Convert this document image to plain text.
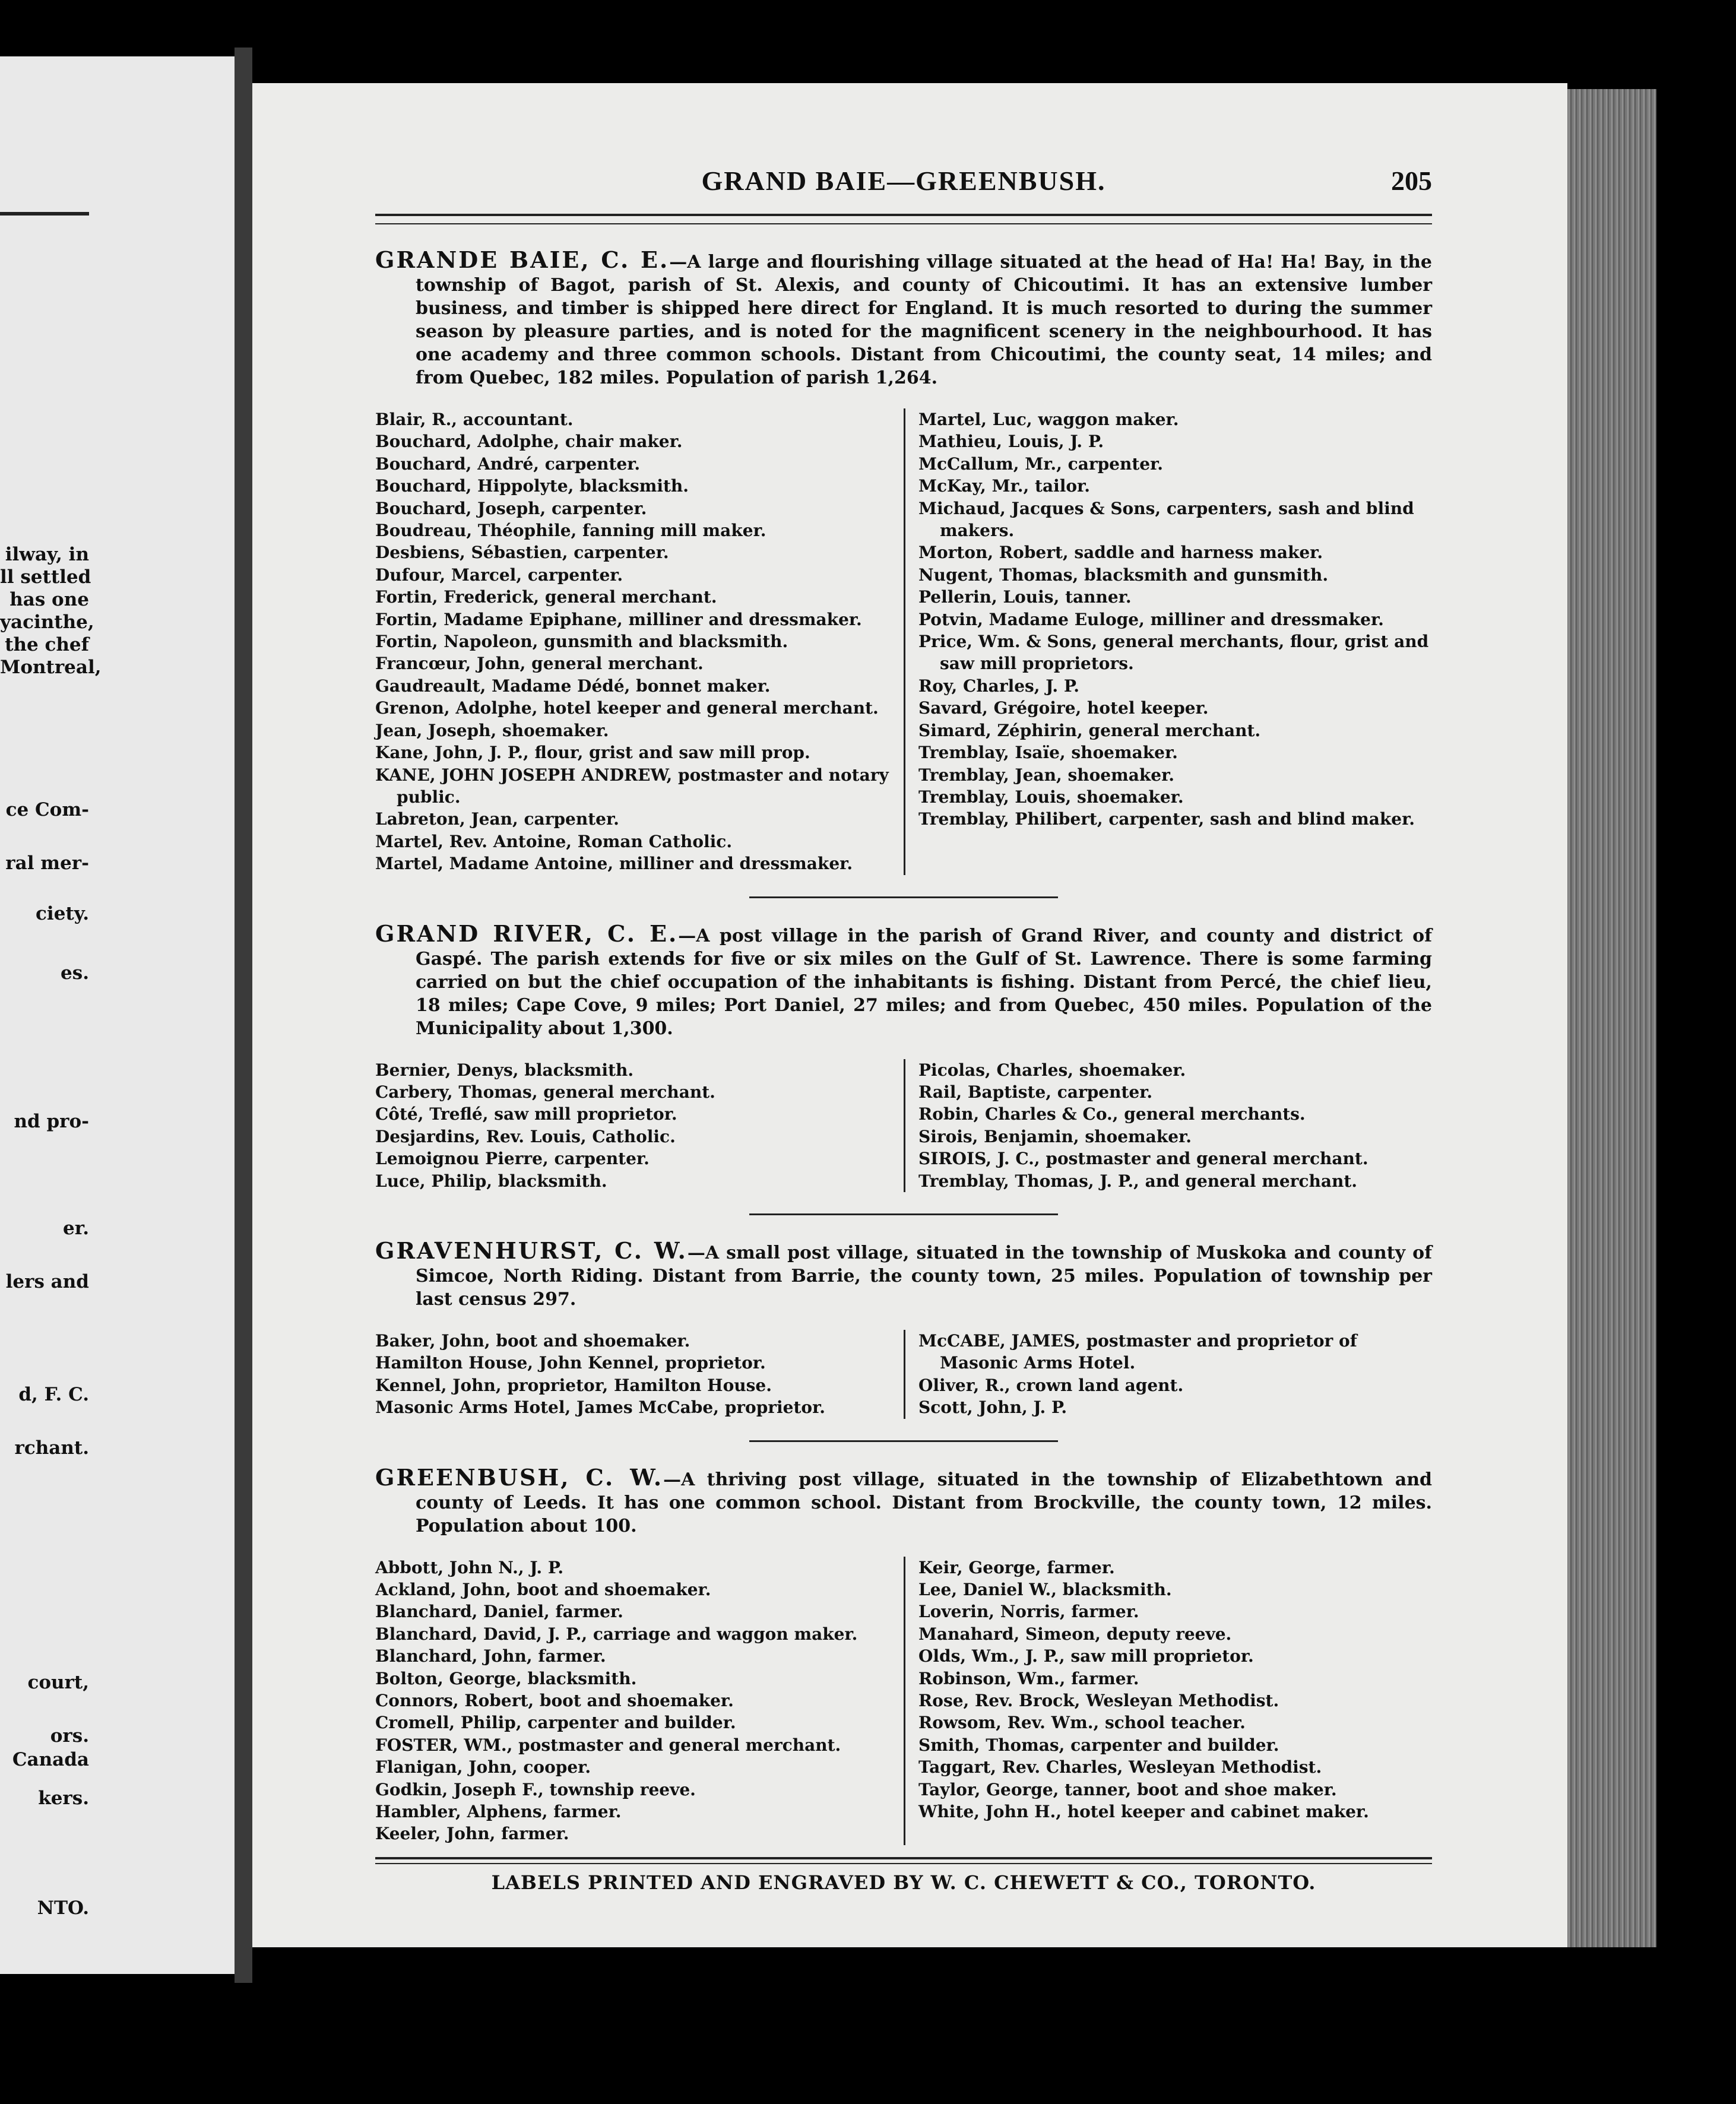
ilway, in
ll settled
has one
yacinthe,
the chef
Montreal,
ce Com-
ral mer-
ciety.
es.
nd pro-
er.
lers and
d, F. C.
rchant.
court,
ors.
Canada
kers.
NTO.
GRAND BAIE—GREENBUSH.	205

GRANDE BAIE, C. E.—A large and flourishing village situated at the head of Ha! Ha! Bay, in the township of Bagot, parish of St. Alexis, and county of Chicoutimi. It has an extensive lumber business, and timber is shipped here direct for England. It is much resorted to during the summer season by pleasure parties, and is noted for the magnificent scenery in the neighbourhood. It has one academy and three common schools. Distant from Chicoutimi, the county seat, 14 miles; and from Quebec, 182 miles. Population of parish 1,264.

Blair, R., accountant.
Bouchard, Adolphe, chair maker.
Bouchard, André, carpenter.
Bouchard, Hippolyte, blacksmith.
Bouchard, Joseph, carpenter.
Boudreau, Théophile, fanning mill maker.
Desbiens, Sébastien, carpenter.
Dufour, Marcel, carpenter.
Fortin, Frederick, general merchant.
Fortin, Madame Epiphane, milliner and dressmaker.
Fortin, Napoleon, gunsmith and blacksmith.
Francœur, John, general merchant.
Gaudreault, Madame Dédé, bonnet maker.
Grenon, Adolphe, hotel keeper and general merchant.
Jean, Joseph, shoemaker.
Kane, John, J. P., flour, grist and saw mill prop.
KANE, JOHN JOSEPH ANDREW, postmaster and notary public.
Labreton, Jean, carpenter.
Martel, Rev. Antoine, Roman Catholic.
Martel, Madame Antoine, milliner and dressmaker.
Martel, Luc, waggon maker.
Mathieu, Louis, J. P.
McCallum, Mr., carpenter.
McKay, Mr., tailor.
Michaud, Jacques & Sons, carpenters, sash and blind makers.
Morton, Robert, saddle and harness maker.
Nugent, Thomas, blacksmith and gunsmith.
Pellerin, Louis, tanner.
Potvin, Madame Euloge, milliner and dressmaker.
Price, Wm. & Sons, general merchants, flour, grist and saw mill proprietors.
Roy, Charles, J. P.
Savard, Grégoire, hotel keeper.
Simard, Zéphirin, general merchant.
Tremblay, Isaïe, shoemaker.
Tremblay, Jean, shoemaker.
Tremblay, Louis, shoemaker.
Tremblay, Philibert, carpenter, sash and blind maker.

GRAND RIVER, C. E.—A post village in the parish of Grand River, and county and district of Gaspé. The parish extends for five or six miles on the Gulf of St. Lawrence. There is some farming carried on but the chief occupation of the inhabitants is fishing. Distant from Percé, the chief lieu, 18 miles; Cape Cove, 9 miles; Port Daniel, 27 miles; and from Quebec, 450 miles. Population of the Municipality about 1,300.

Bernier, Denys, blacksmith.
Carbery, Thomas, general merchant.
Côté, Treflé, saw mill proprietor.
Desjardins, Rev. Louis, Catholic.
Lemoignou Pierre, carpenter.
Luce, Philip, blacksmith.
Picolas, Charles, shoemaker.
Rail, Baptiste, carpenter.
Robin, Charles & Co., general merchants.
Sirois, Benjamin, shoemaker.
SIROIS, J. C., postmaster and general merchant.
Tremblay, Thomas, J. P., and general merchant.

GRAVENHURST, C. W.—A small post village, situated in the township of Muskoka and county of Simcoe, North Riding. Distant from Barrie, the county town, 25 miles. Population of township per last census 297.

Baker, John, boot and shoemaker.
Hamilton House, John Kennel, proprietor.
Kennel, John, proprietor, Hamilton House.
Masonic Arms Hotel, James McCabe, proprietor.
McCABE, JAMES, postmaster and proprietor of Masonic Arms Hotel.
Oliver, R., crown land agent.
Scott, John, J. P.

GREENBUSH, C. W.—A thriving post village, situated in the township of Elizabethtown and county of Leeds. It has one common school. Distant from Brockville, the county town, 12 miles. Population about 100.

Abbott, John N., J. P.
Ackland, John, boot and shoemaker.
Blanchard, Daniel, farmer.
Blanchard, David, J. P., carriage and waggon maker.
Blanchard, John, farmer.
Bolton, George, blacksmith.
Connors, Robert, boot and shoemaker.
Cromell, Philip, carpenter and builder.
FOSTER, WM., postmaster and general merchant.
Flanigan, John, cooper.
Godkin, Joseph F., township reeve.
Hambler, Alphens, farmer.
Keeler, John, farmer.
Keir, George, farmer.
Lee, Daniel W., blacksmith.
Loverin, Norris, farmer.
Manahard, Simeon, deputy reeve.
Olds, Wm., J. P., saw mill proprietor.
Robinson, Wm., farmer.
Rose, Rev. Brock, Wesleyan Methodist.
Rowsom, Rev. Wm., school teacher.
Smith, Thomas, carpenter and builder.
Taggart, Rev. Charles, Wesleyan Methodist.
Taylor, George, tanner, boot and shoe maker.
White, John H., hotel keeper and cabinet maker.
LABELS PRINTED AND ENGRAVED BY W. C. CHEWETT & CO., TORONTO.
